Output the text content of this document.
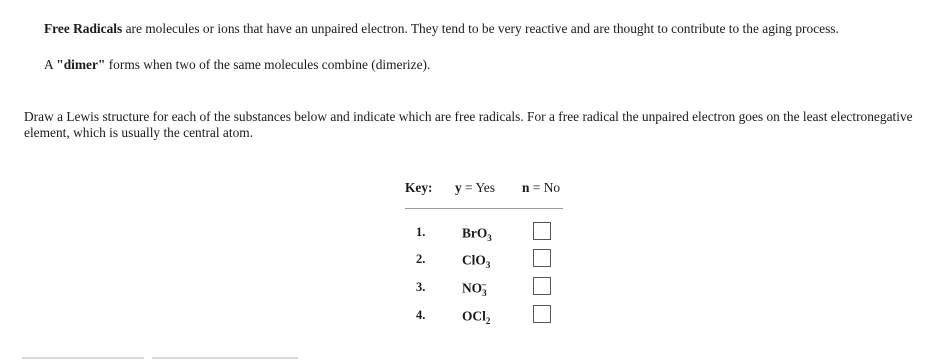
Free Radicals are molecules or ions that have an unpaired electron. They tend to be very reactive and are thought to contribute to the aging process.

A "dimer" forms when two of the same molecules combine (dimerize).

Draw a Lewis structure for each of the substances below and indicate which are free radicals. For a free radical the unpaired electron goes on the least electronegative element, which is usually the central atom.

Key: y = Yes n = No
1.	BrO$_3$
2.	ClO$_3$
3.	$NO_3^-$
4.	OCl$_2$
